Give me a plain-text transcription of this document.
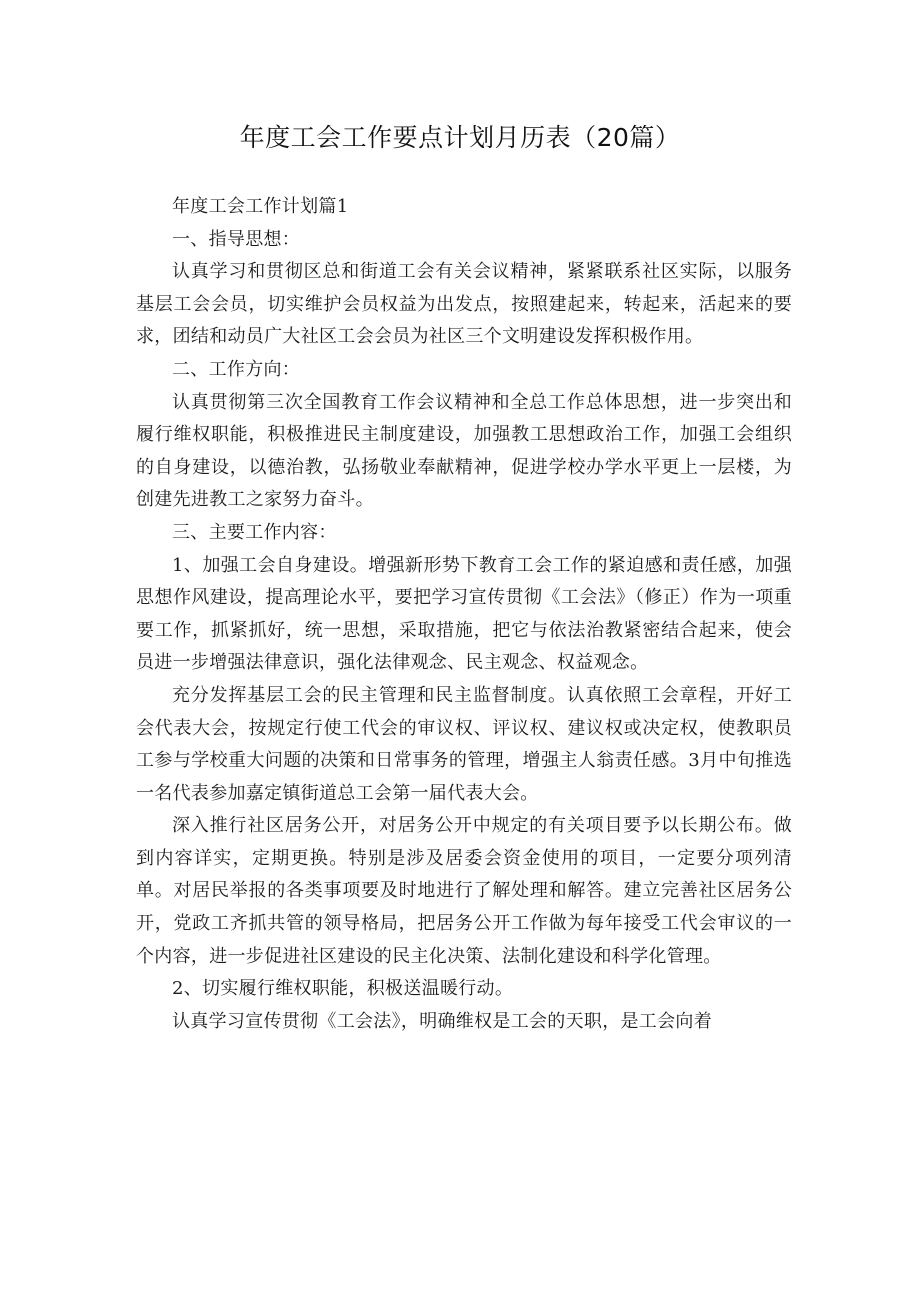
年度工会工作要点计划月历表（20篇）

年度工会工作计划篇1

一、指导思想：

认真学习和贯彻区总和街道工会有关会议精神，紧紧联系社区实际，以服务基层工会会员，切实维护会员权益为出发点，按照建起来，转起来，活起来的要求，团结和动员广大社区工会会员为社区三个文明建设发挥积极作用。

二、工作方向：

认真贯彻第三次全国教育工作会议精神和全总工作总体思想，进一步突出和履行维权职能，积极推进民主制度建设，加强教工思想政治工作，加强工会组织的自身建设，以德治教，弘扬敬业奉献精神，促进学校办学水平更上一层楼，为创建先进教工之家努力奋斗。

三、主要工作内容：

1、加强工会自身建设。增强新形势下教育工会工作的紧迫感和责任感，加强思想作风建设，提高理论水平，要把学习宣传贯彻《工会法》（修正）作为一项重要工作，抓紧抓好，统一思想，采取措施，把它与依法治教紧密结合起来，使会员进一步增强法律意识，强化法律观念、民主观念、权益观念。

充分发挥基层工会的民主管理和民主监督制度。认真依照工会章程，开好工会代表大会，按规定行使工代会的审议权、评议权、建议权或决定权，使教职员工参与学校重大问题的决策和日常事务的管理，增强主人翁责任感。3月中旬推选一名代表参加嘉定镇街道总工会第一届代表大会。

深入推行社区居务公开，对居务公开中规定的有关项目要予以长期公布。做到内容详实，定期更换。特别是涉及居委会资金使用的项目，一定要分项列清单。对居民举报的各类事项要及时地进行了解处理和解答。建立完善社区居务公开，党政工齐抓共管的领导格局，把居务公开工作做为每年接受工代会审议的一个内容，进一步促进社区建设的民主化决策、法制化建设和科学化管理。

2、切实履行维权职能，积极送温暖行动。

认真学习宣传贯彻《工会法》，明确维权是工会的天职，是工会向着
